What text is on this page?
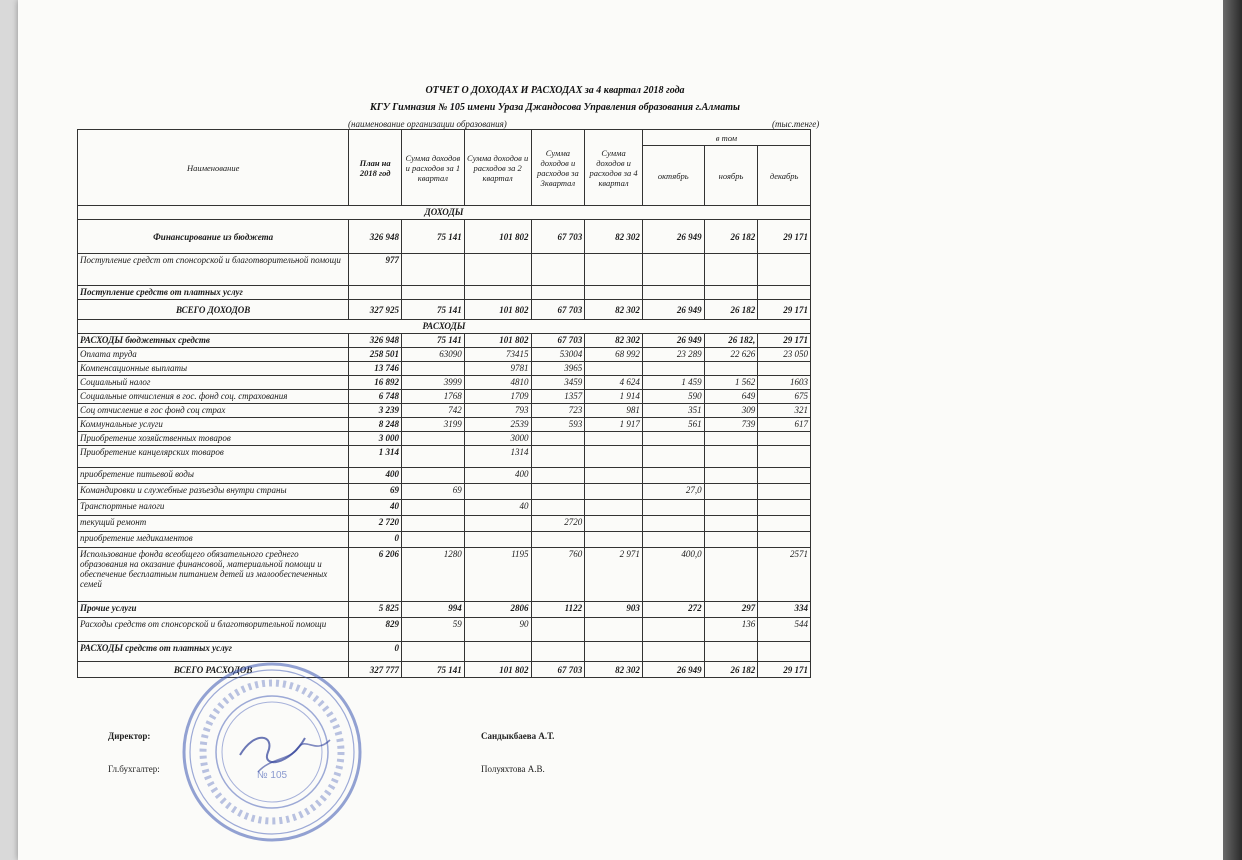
ОТЧЕТ О ДОХОДАХ И РАСХОДАХ за 4 квартал 2018 года
КГУ Гимназия № 105 имени Ураза Джандосова Управления образования г.Алматы
(наименование организации образования)	(тыс.тенге)
Наименование	План на 2018 год	Сумма доходов и расходов за 1 квартал	Сумма доходов и расходов за 2 квартал	Сумма доходов и расходов за 3квартал	Сумма доходов и расходов за 4 квартал	в том		
						октябрь	ноябрь	декабрь
ДОХОДЫ								
Финансирование из бюджета	326 948	75 141	101 802	67 703	82 302	26 949	26 182	29 171
Поступление средст от спонсорской и благотворительной помощи	977							
Поступление средств от платных услуг								
ВСЕГО ДОХОДОВ	327 925	75 141	101 802	67 703	82 302	26 949	26 182	29 171
РАСХОДЫ								
РАСХОДЫ бюджетных средств	326 948	75 141	101 802	67 703	82 302	26 949	26 182,	29 171
Оплата труда	258 501	63090	73415	53004	68 992	23 289	22 626	23 050
Компенсационные выплаты	13 746		9781	3965				
Социальный налог	16 892	3999	4810	3459	4 624	1 459	1 562	1603
Социальные отчисления в гос. фонд соц. страхования	6 748	1768	1709	1357	1 914	590	649	675
Соц отчисление в гос фонд соц страх	3 239	742	793	723	981	351	309	321
Коммунальные услуги	8 248	3199	2539	593	1 917	561	739	617
Приобретение хозяйственных товаров	3 000		3000					
Приобретение канцелярских товаров	1 314		1314					
приобретение питьевой воды	400		400					
Командировки и служебные разъезды внутри страны	69	69				27,0		
Транспортные налоги	40		40					
текущий ремонт	2 720			2720				
приобретение медикаментов	0							
Использование фонда всеобщего обязательного среднего образования на оказание финансовой, материальной помощи и обеспечение бесплатным питанием детей из малообеспеченных семей	6 206	1280	1195	760	2 971	400,0		2571
Прочие услуги	5 825	994	2806	1122	903	272	297	334
Расходы средств от спонсорской и благотворительной помощи	829	59	90				136	544
РАСХОДЫ средств от платных услуг	0							
ВСЕГО РАСХОДОВ	327 777	75 141	101 802	67 703	82 302	26 949	26 182	29 171
Директор:	Сандыкбаева А.Т.
Гл.бухгалтер:	Полуяхтова А.В.
№ 105
